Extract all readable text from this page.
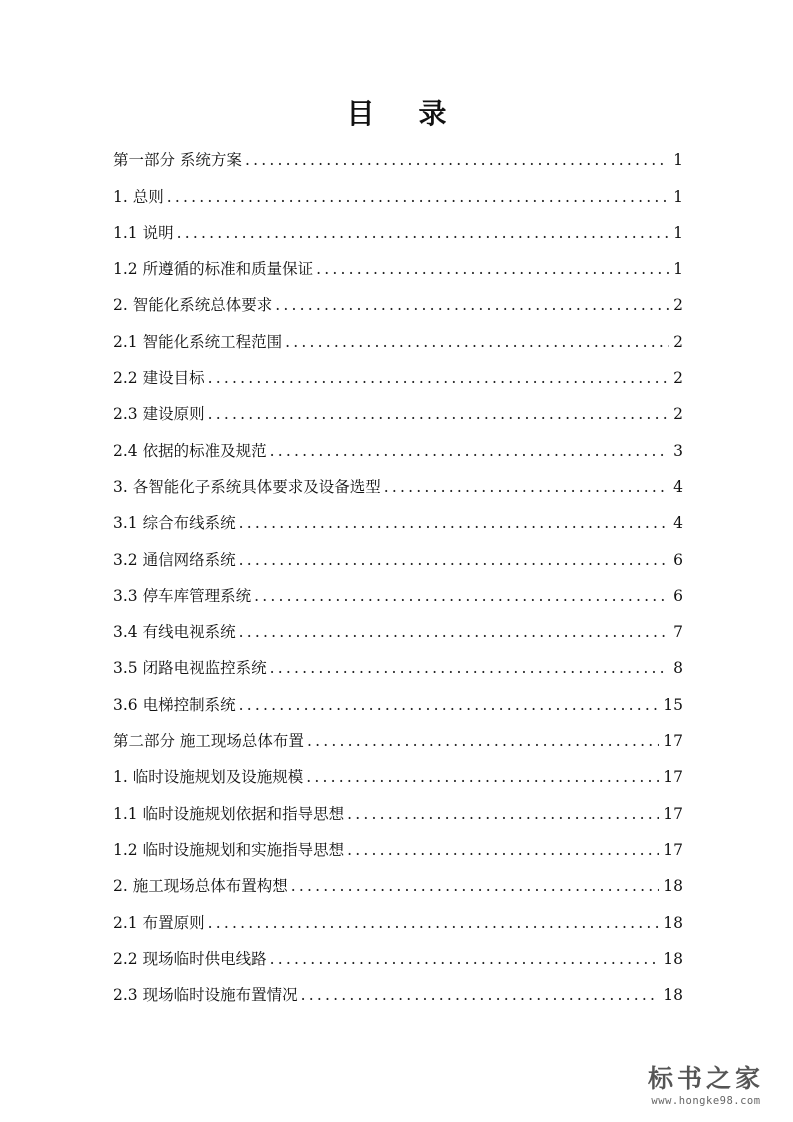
目 录
第一部分 系统方案 .....	1
1. 总则 .....	1
1.1 说明 .....	1
1.2 所遵循的标准和质量保证 .....	1
2. 智能化系统总体要求 .....	2
2.1 智能化系统工程范围 .....	2
2.2 建设目标 .....	2
2.3 建设原则 .....	2
2.4 依据的标准及规范 .....	3
3. 各智能化子系统具体要求及设备选型 .....	4
3.1 综合布线系统 .....	4
3.2 通信网络系统 .....	6
3.3 停车库管理系统 .....	6
3.4 有线电视系统 .....	7
3.5 闭路电视监控系统 .....	8
3.6 电梯控制系统 .....	15
第二部分 施工现场总体布置 .....	17
1. 临时设施规划及设施规模 .....	17
1.1 临时设施规划依据和指导思想 .....	17
1.2 临时设施规划和实施指导思想 .....	17
2. 施工现场总体布置构想 .....	18
2.1 布置原则 .....	18
2.2 现场临时供电线路 .....	18
2.3 现场临时设施布置情况 .....	18
标书之家
www.hongke98.com
